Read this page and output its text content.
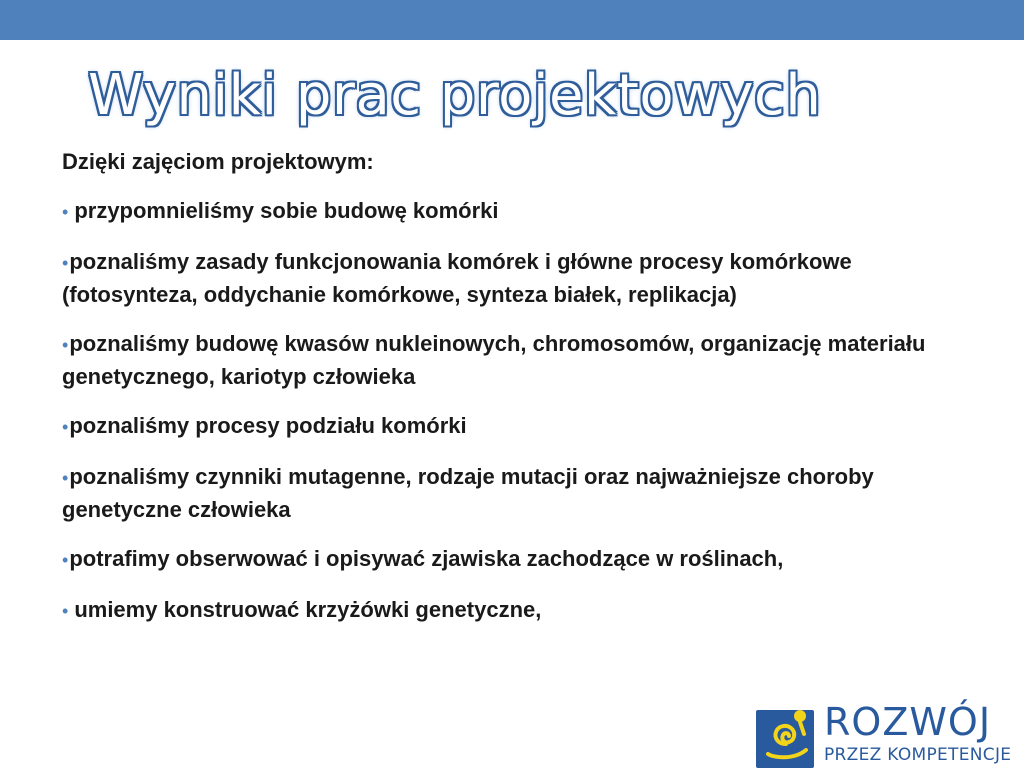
Wyniki prac projektowych
Dzięki zajęciom projektowym:
• przypomnieliśmy sobie budowę komórki
•poznaliśmy zasady funkcjonowania komórek i główne procesy komórkowe (fotosynteza, oddychanie komórkowe, synteza białek, replikacja)
•poznaliśmy budowę kwasów nukleinowych, chromosomów, organizację materiału genetycznego, kariotyp człowieka
•poznaliśmy procesy podziału komórki
•poznaliśmy czynniki mutagenne, rodzaje mutacji oraz najważniejsze choroby genetyczne człowieka
•potrafimy obserwować i opisywać zjawiska zachodzące w roślinach,
• umiemy konstruować krzyżówki genetyczne,
ROZWÓJ
PRZEZ KOMPETENCJE
